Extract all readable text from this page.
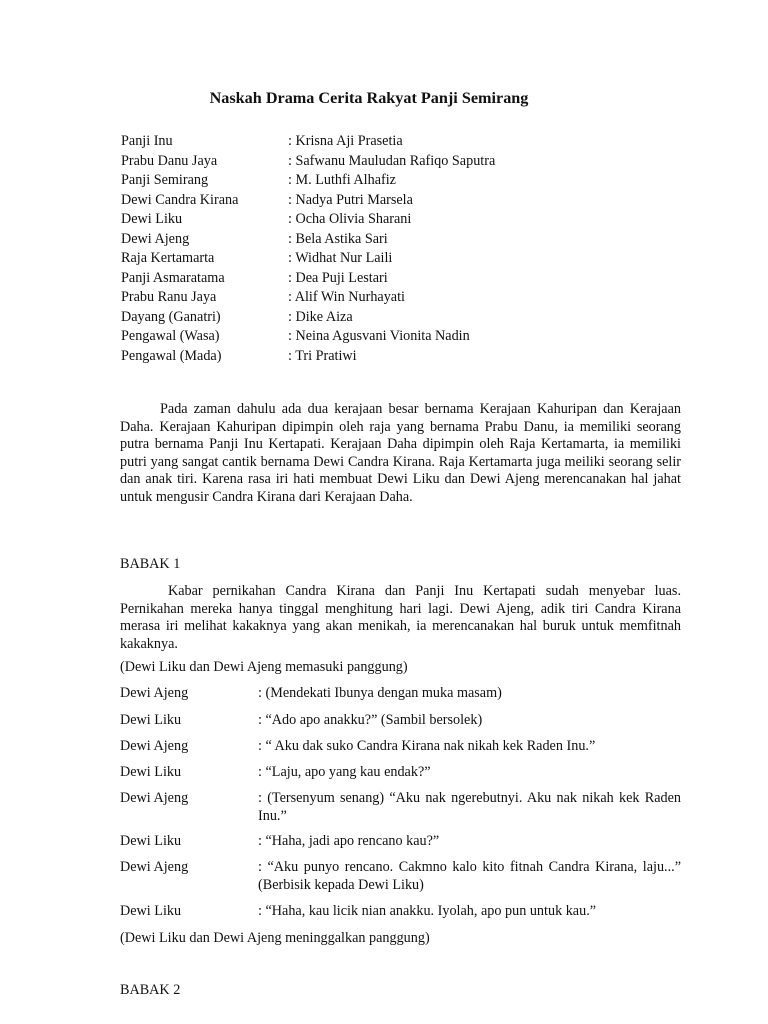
Naskah Drama Cerita Rakyat Panji Semirang
Panji Inu	: Krisna Aji Prasetia
Prabu Danu Jaya	: Safwanu Mauludan Rafiqo Saputra
Panji Semirang	: M. Luthfi Alhafiz
Dewi Candra Kirana	: Nadya Putri Marsela
Dewi Liku	: Ocha Olivia Sharani
Dewi Ajeng	: Bela Astika Sari
Raja Kertamarta	: Widhat Nur Laili
Panji Asmaratama	: Dea Puji Lestari
Prabu Ranu Jaya	: Alif Win Nurhayati
Dayang (Ganatri)	: Dike Aiza
Pengawal (Wasa)	: Neina Agusvani Vionita Nadin
Pengawal (Mada)	: Tri Pratiwi

Pada zaman dahulu ada dua kerajaan besar bernama Kerajaan Kahuripan dan Kerajaan Daha. Kerajaan Kahuripan dipimpin oleh raja yang bernama Prabu Danu, ia memiliki seorang putra bernama Panji Inu Kertapati. Kerajaan Daha dipimpin oleh Raja Kertamarta, ia memiliki putri yang sangat cantik bernama Dewi Candra Kirana. Raja Kertamarta juga meiliki seorang selir dan anak tiri. Karena rasa iri hati membuat Dewi Liku dan Dewi Ajeng merencanakan hal jahat untuk mengusir Candra Kirana dari Kerajaan Daha.

BABAK 1

Kabar pernikahan Candra Kirana dan Panji Inu Kertapati sudah menyebar luas. Pernikahan mereka hanya tinggal menghitung hari lagi. Dewi Ajeng, adik tiri Candra Kirana merasa iri melihat kakaknya yang akan menikah, ia merencanakan hal buruk untuk memfitnah kakaknya.

(Dewi Liku dan Dewi Ajeng memasuki panggung)

Dewi Ajeng	: (Mendekati Ibunya dengan muka masam)
Dewi Liku	: “Ado apo anakku?” (Sambil bersolek)
Dewi Ajeng	: “ Aku dak suko Candra Kirana nak nikah kek Raden Inu.”
Dewi Liku	: “Laju, apo yang kau endak?”
Dewi Ajeng	: (Tersenyum senang) “Aku nak ngerebutnyi. Aku nak nikah kek Raden Inu.”
Dewi Liku	: “Haha, jadi apo rencano kau?”
Dewi Ajeng	: “Aku punyo rencano. Cakmno kalo kito fitnah Candra Kirana, laju...” (Berbisik kepada Dewi Liku)
Dewi Liku	: “Haha, kau licik nian anakku. Iyolah, apo pun untuk kau.”

(Dewi Liku dan Dewi Ajeng meninggalkan panggung)

BABAK 2
